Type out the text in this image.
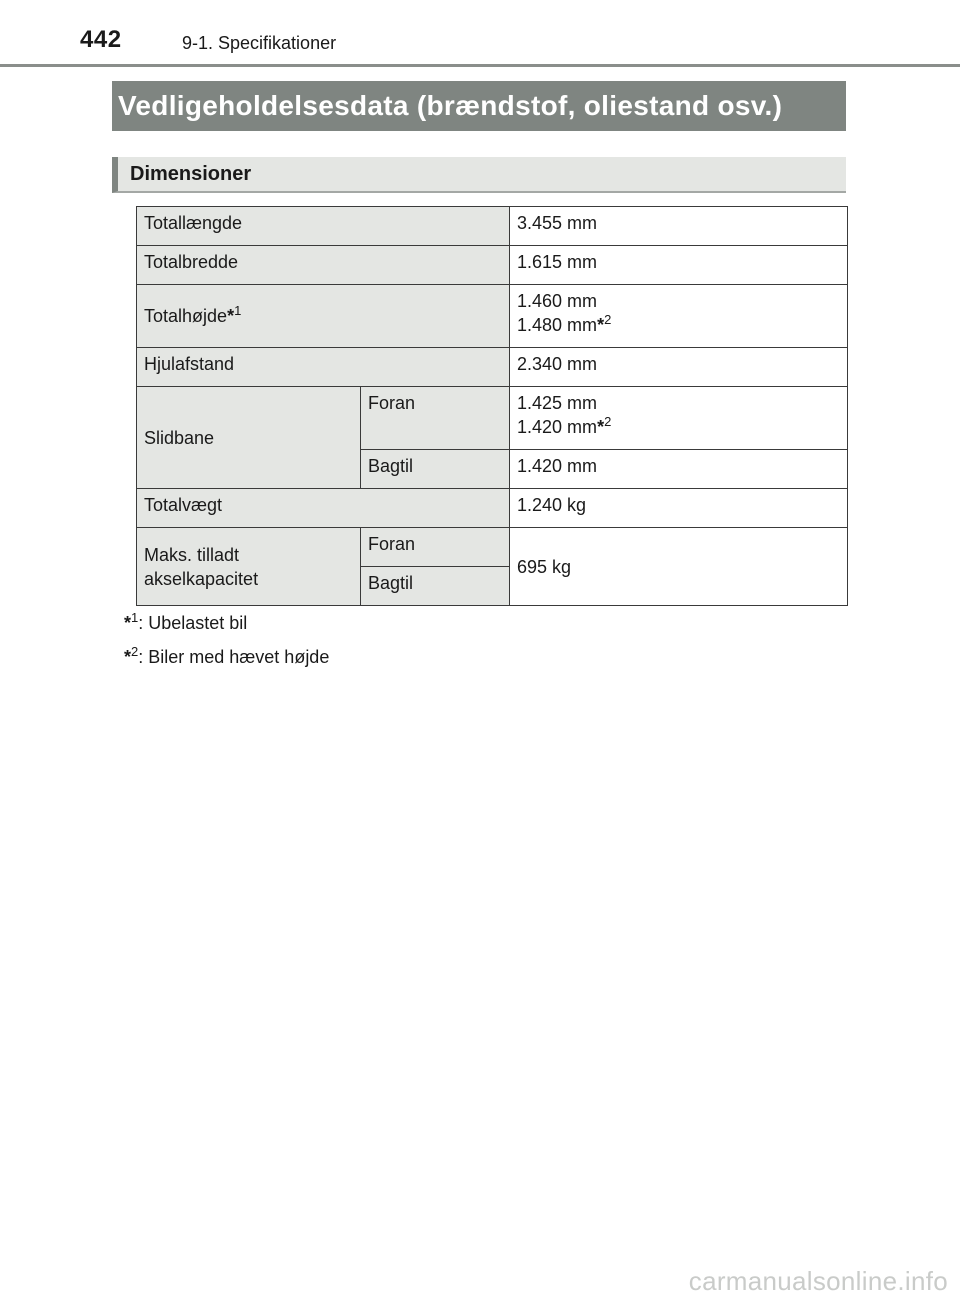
442	9-1. Specifikationer
Vedligeholdelsesdata (brændstof, oliestand osv.)
Dimensioner
Totallængde		3.455 mm
Totalbredde		1.615 mm
Totalhøjde*$^1$		1.460 mm
1.480 mm*$^2$

Hjulafstand		2.340 mm
Slidbane	Foran	1.425 mm
1.420 mm*$^2$

	Bagtil	1.420 mm
Totalvægt		1.240 kg

Maks. tilladt
akselkapacitet	Foran	695 kg
	Bagtil	
*$^1$: Ubelastet bil
*$^2$: Biler med hævet højde
carmanualsonline.info
